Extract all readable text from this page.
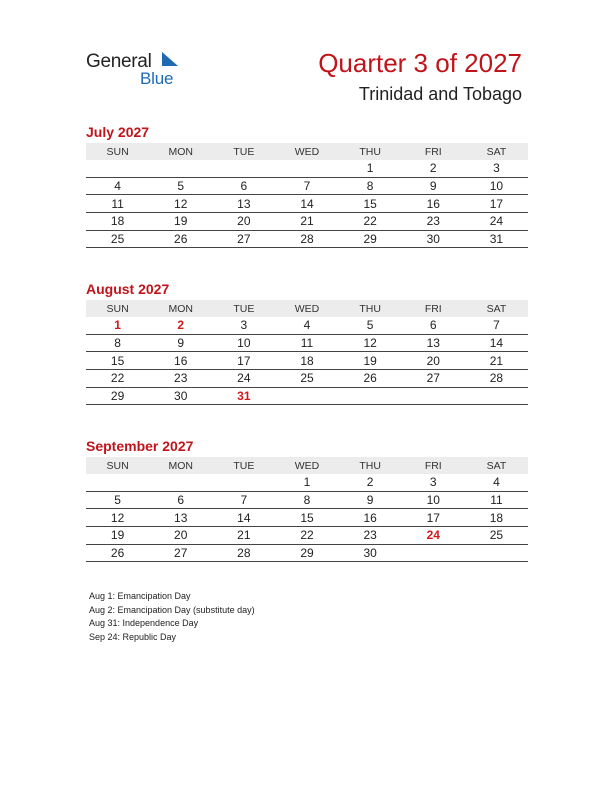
General
Blue
Quarter 3 of 2027
Trinidad and Tobago
July 2027
SUN	MON	TUE	WED	THU	FRI	SAT
				1	2	3
4	5	6	7	8	9	10
11	12	13	14	15	16	17
18	19	20	21	22	23	24
25	26	27	28	29	30	31
August 2027
SUN	MON	TUE	WED	THU	FRI	SAT
1	2	3	4	5	6	7
8	9	10	11	12	13	14
15	16	17	18	19	20	21
22	23	24	25	26	27	28
29	30	31				
September 2027
SUN	MON	TUE	WED	THU	FRI	SAT
			1	2	3	4
5	6	7	8	9	10	11
12	13	14	15	16	17	18
19	20	21	22	23	24	25
26	27	28	29	30		
Aug 1: Emancipation Day
Aug 2: Emancipation Day (substitute day)
Aug 31: Independence Day
Sep 24: Republic Day
